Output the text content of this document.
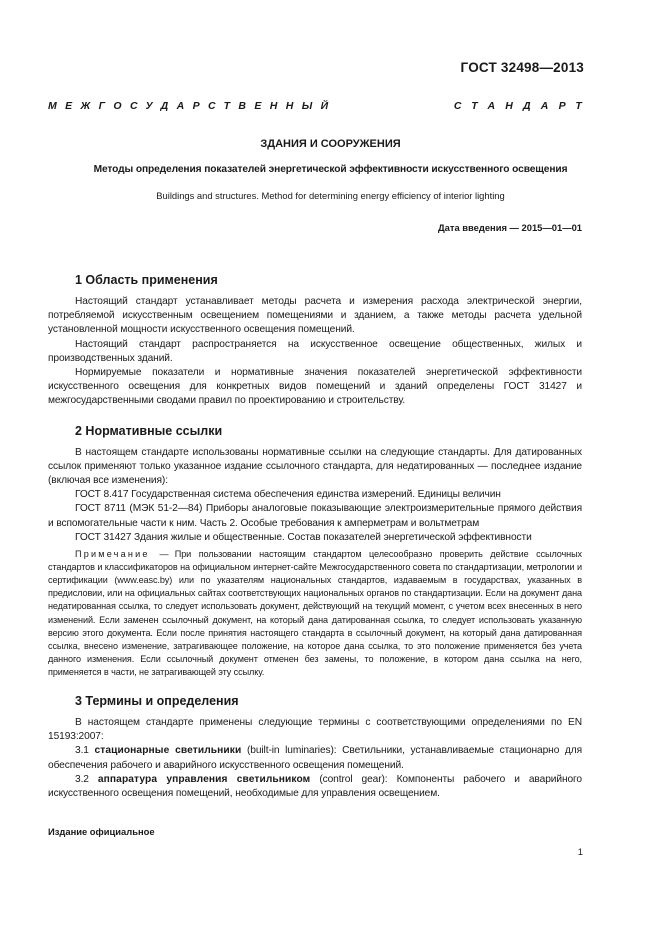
ГОСТ 32498—2013
МЕЖГОСУДАРСТВЕННЫЙ	СТАНДАРТ
ЗДАНИЯ И СООРУЖЕНИЯ
Методы определения показателей энергетической эффективности искусственного освещения
Buildings and structures. Method for determining energy efficiency of interior lighting
Дата введения — 2015—01—01
1 Область применения

Настоящий стандарт устанавливает методы расчета и измерения расхода электрической энергии, потребляемой искусственным освещением помещениями и зданием, а также методы расчета удельной установленной мощности искусственного освещения помещений.

Настоящий стандарт распространяется на искусственное освещение общественных, жилых и производственных зданий.

Нормируемые показатели и нормативные значения показателей энергетической эффективности искусственного освещения для конкретных видов помещений и зданий определены ГОСТ 31427 и межгосударственными сводами правил по проектированию и строительству.

2 Нормативные ссылки

В настоящем стандарте использованы нормативные ссылки на следующие стандарты. Для датированных ссылок применяют только указанное издание ссылочного стандарта, для недатированных — последнее издание (включая все изменения):

ГОСТ 8.417 Государственная система обеспечения единства измерений. Единицы величин

ГОСТ 8711 (МЭК 51-2—84) Приборы аналоговые показывающие электроизмерительные прямого действия и вспомогательные части к ним. Часть 2. Особые требования к амперметрам и вольтметрам

ГОСТ 31427 Здания жилые и общественные. Состав показателей энергетической эффективности

Примечание — При пользовании настоящим стандартом целесообразно проверить действие ссылочных стандартов и классификаторов на официальном интернет-сайте Межгосударственного совета по стандартизации, метрологии и сертификации (www.easc.by) или по указателям национальных стандартов, издаваемым в государствах, указанных в предисловии, или на официальных сайтах соответствующих национальных органов по стандартизации. Если на документ дана недатированная ссылка, то следует использовать документ, действующий на текущий момент, с учетом всех внесенных в него изменений. Если заменен ссылочный документ, на который дана датированная ссылка, то следует использовать указанную версию этого документа. Если после принятия настоящего стандарта в ссылочный документ, на который дана датированная ссылка, внесено изменение, затрагивающее положение, на которое дана ссылка, то это положение применяется без учета данного изменения. Если ссылочный документ отменен без замены, то положение, в котором дана ссылка на него, применяется в части, не затрагивающей эту ссылку.
3 Термины и определения

В настоящем стандарте применены следующие термины с соответствующими определениями по EN 15193:2007:

3.1 стационарные светильники (built-in luminaries): Светильники, устанавливаемые стационарно для обеспечения рабочего и аварийного искусственного освещения помещений.

3.2 аппаратура управления светильником (control gear): Компоненты рабочего и аварийного искусственного освещения помещений, необходимые для управления освещением.

Издание официальное
1
